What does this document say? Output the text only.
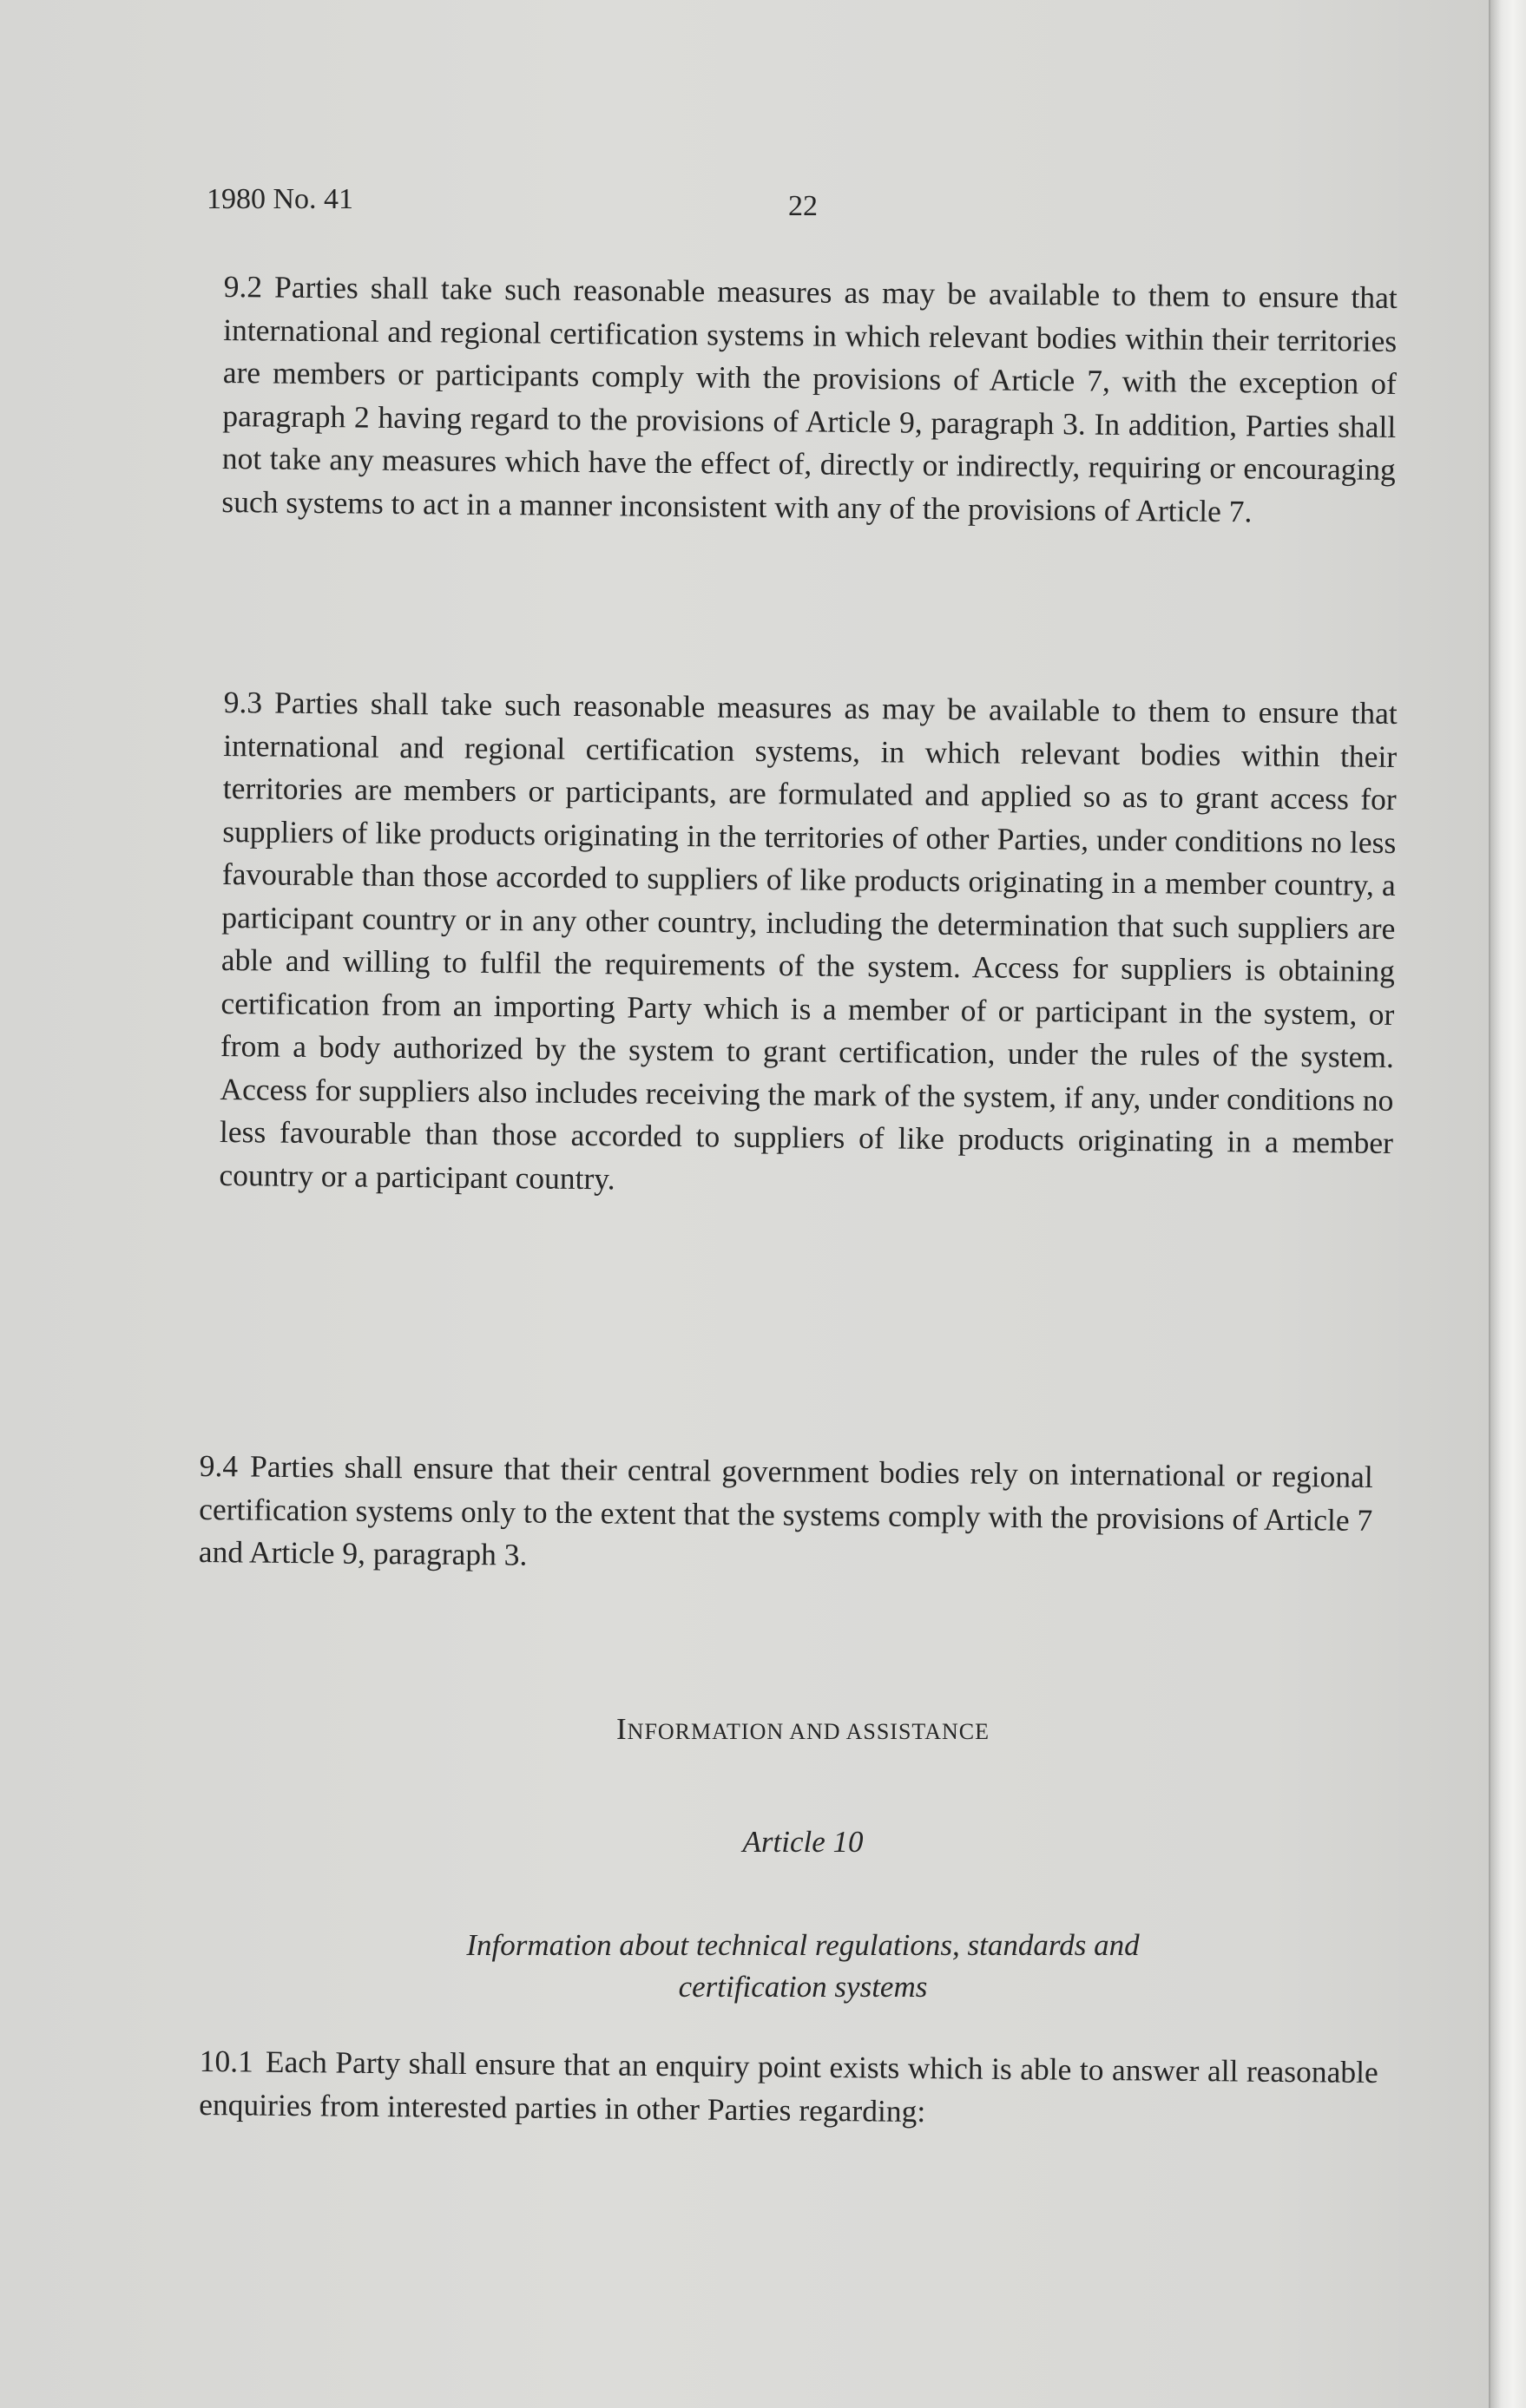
1980 No. 41	22

9.2 Parties shall take such reasonable measures as may be available to them to ensure that international and regional certification systems in which relevant bodies within their territories are members or participants comply with the provisions of Article 7, with the exception of paragraph 2 having regard to the provisions of Article 9, paragraph 3. In addition, Parties shall not take any measures which have the effect of, directly or indirectly, requiring or encouraging such systems to act in a manner inconsistent with any of the provisions of Article 7.

9.3 Parties shall take such reasonable measures as may be available to them to ensure that international and regional certification systems, in which relevant bodies within their territories are members or participants, are formulated and applied so as to grant access for suppliers of like products originating in the territories of other Parties, under conditions no less favourable than those accorded to suppliers of like products originating in a member country, a participant country or in any other country, including the determination that such suppliers are able and willing to fulfil the requirements of the system. Access for suppliers is obtaining certification from an importing Party which is a member of or participant in the system, or from a body authorized by the system to grant certification, under the rules of the system. Access for suppliers also includes receiving the mark of the system, if any, under conditions no less favourable than those accorded to suppliers of like products originating in a member country or a participant country.

9.4 Parties shall ensure that their central government bodies rely on international or regional certification systems only to the extent that the systems comply with the provisions of Article 7 and Article 9, paragraph 3.

INFORMATION AND ASSISTANCE
Article 10
Information about technical regulations, standards and
certification systems

10.1 Each Party shall ensure that an enquiry point exists which is able to answer all reasonable enquiries from interested parties in other Parties regarding:
